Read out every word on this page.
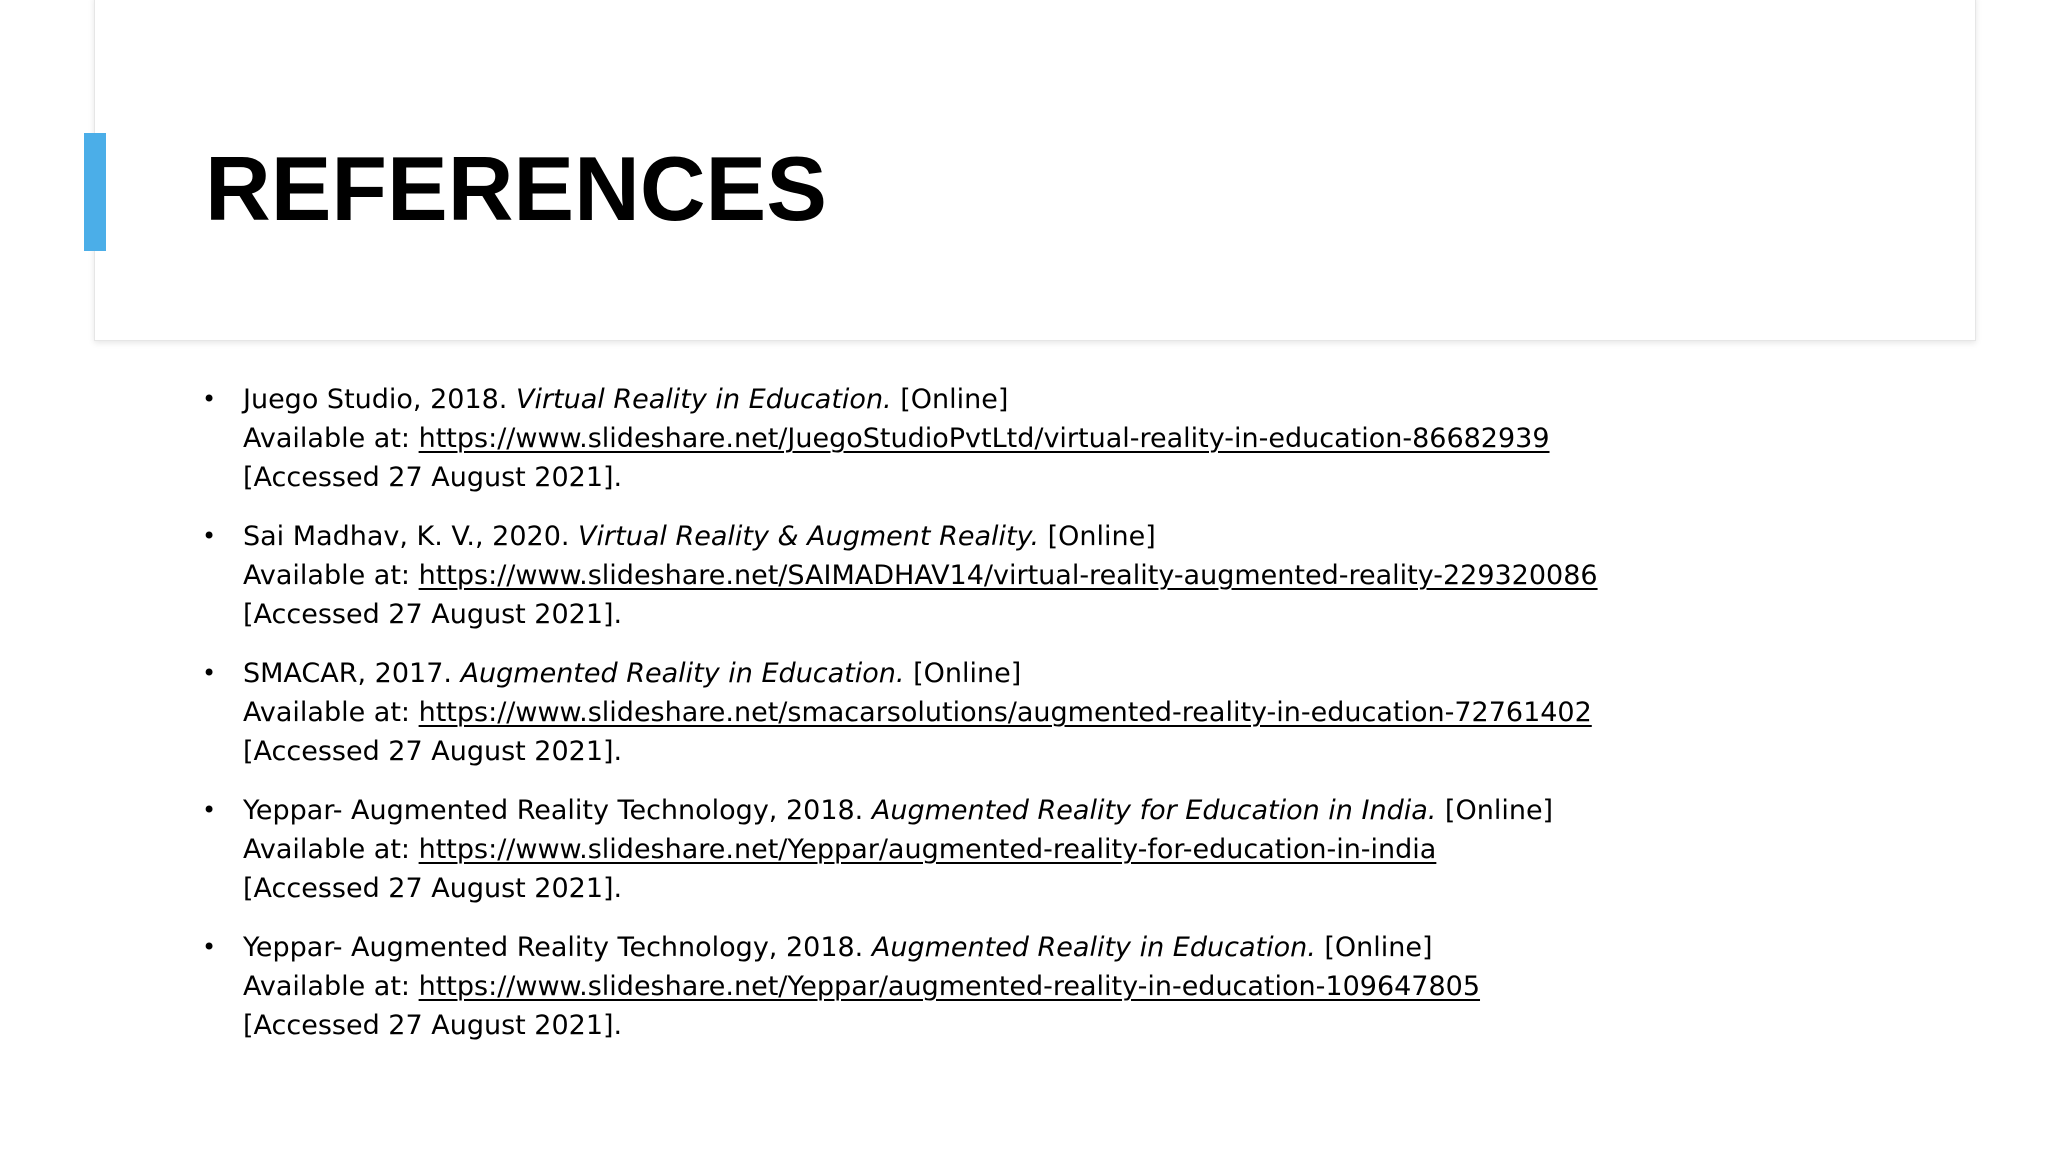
REFERENCES
• Juego Studio, 2018. Virtual Reality in Education. [Online]
Available at: https://www.slideshare.net/JuegoStudioPvtLtd/virtual-reality-in-education-86682939
[Accessed 27 August 2021].
• Sai Madhav, K. V., 2020. Virtual Reality & Augment Reality. [Online]
Available at: https://www.slideshare.net/SAIMADHAV14/virtual-reality-augmented-reality-229320086
[Accessed 27 August 2021].
• SMACAR, 2017. Augmented Reality in Education. [Online]
Available at: https://www.slideshare.net/smacarsolutions/augmented-reality-in-education-72761402
[Accessed 27 August 2021].
• Yeppar- Augmented Reality Technology, 2018. Augmented Reality for Education in India. [Online]
Available at: https://www.slideshare.net/Yeppar/augmented-reality-for-education-in-india
[Accessed 27 August 2021].
• Yeppar- Augmented Reality Technology, 2018. Augmented Reality in Education. [Online]
Available at: https://www.slideshare.net/Yeppar/augmented-reality-in-education-109647805
[Accessed 27 August 2021].
